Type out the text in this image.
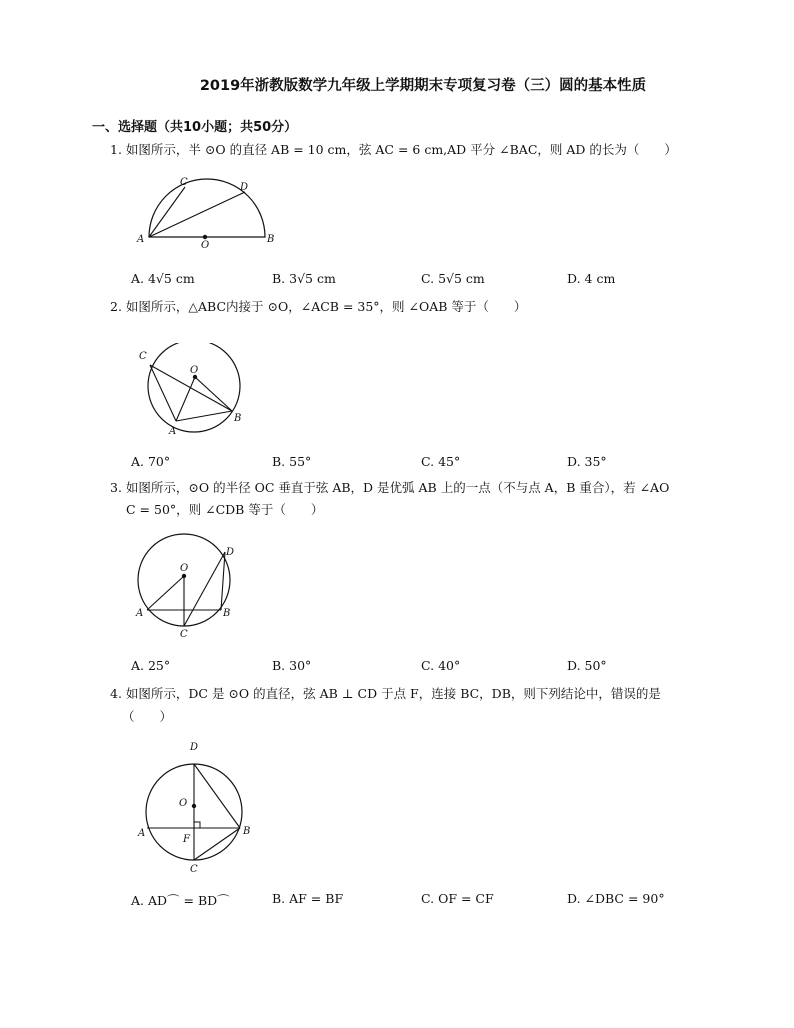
2019年浙教版数学九年级上学期期末专项复习卷（三）圆的基本性质
一、选择题（共10小题；共50分）
1. 如图所示，半 ⊙O 的直径 AB = 10 cm，弦 AC = 6 cm,AD 平分 ∠BAC，则 AD 的长为（　　）
C	D
A
O
B
A. 4√5 cm	B. 3√5 cm	C. 5√5 cm	D. 4 cm
2. 如图所示，△ABC内接于 ⊙O，∠ACB = 35°，则 ∠OAB 等于（　　）
C
O
A
B
A. 70°	B. 55°	C. 45°	D. 35°
3. 如图所示，⊙O 的半径 OC 垂直于弦 AB，D 是优弧 AB 上的一点（不与点 A，B 重合），若 ∠AO
C = 50°，则 ∠CDB 等于（　　）
D
O
A	B
C
A. 25°	B. 30°	C. 40°	D. 50°
4. 如图所示，DC 是 ⊙O 的直径，弦 AB ⊥ CD 于点 F，连接 BC，DB，则下列结论中，错误的是
（　　）
D
O
A
F
B
C
A. AD⌒ = BD⌒	B. AF = BF	C. OF = CF	D. ∠DBC = 90°
